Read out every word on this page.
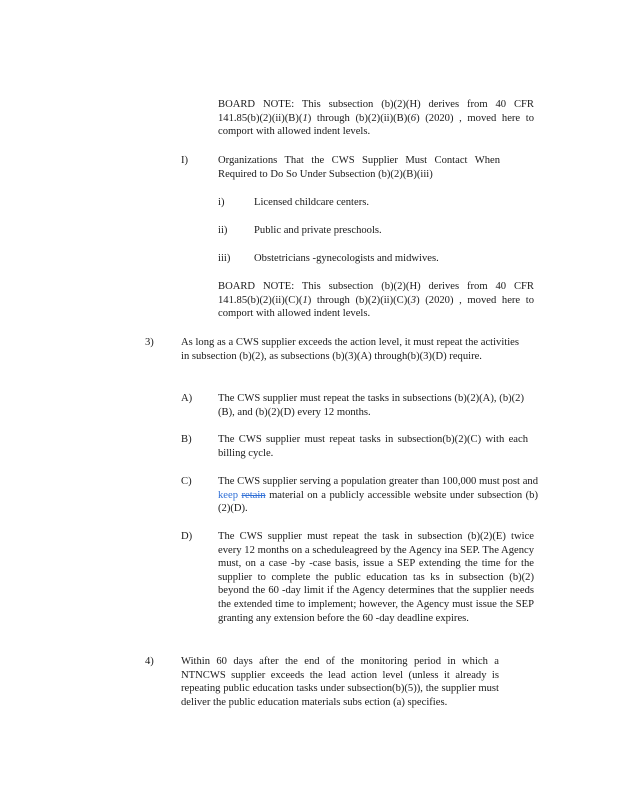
BOARD NOTE: This subsection (b)(2)(H) derives from 40 CFR 141.85(b)(2)(ii)(B)(1) through (b)(2)(ii)(B)(6) (2020) , moved here to comport with allowed indent levels.
I)	Organizations That the CWS Supplier Must Contact When Required to Do So Under Subsection (b)(2)(B)(iii)
i)	Licensed childcare centers.
ii)	Public and private preschools.
iii) Obstetricians -gynecologists and midwives.
BOARD NOTE: This subsection (b)(2)(H) derives from 40 CFR 141.85(b)(2)(ii)(C)(1) through (b)(2)(ii)(C)(3) (2020) , moved here to comport with allowed indent levels.
3)	As long as a CWS supplier exceeds the action level, it must repeat the activities in subsection (b)(2), as subsections (b)(3)(A) through(b)(3)(D) require.
A) The CWS supplier must repeat the tasks in subsections (b)(2)(A), (b)(2)(B), and (b)(2)(D) every 12 months.
B) The CWS supplier must repeat tasks in subsection(b)(2)(C) with each billing cycle.
C) The CWS supplier serving a population greater than 100,000 must post and keep retain material on a publicly accessible website under subsection (b)(2)(D).
D) The CWS supplier must repeat the task in subsection (b)(2)(E) twice every 12 months on a scheduleagreed by the Agency ina SEP. The Agency must, on a case -by -case basis, issue a SEP extending the time for the supplier to complete the public education tas ks in subsection (b)(2) beyond the 60 -day limit if the Agency determines that the supplier needs the extended time to implement; however, the Agency must issue the SEP granting any extension before the 60 -day deadline expires.
4)	Within 60 days after the end of the monitoring period in which a NTNCWS supplier exceeds the lead action level (unless it already is repeating public education tasks under subsection(b)(5)), the supplier must deliver the public education materials subs ection (a) specifies.
